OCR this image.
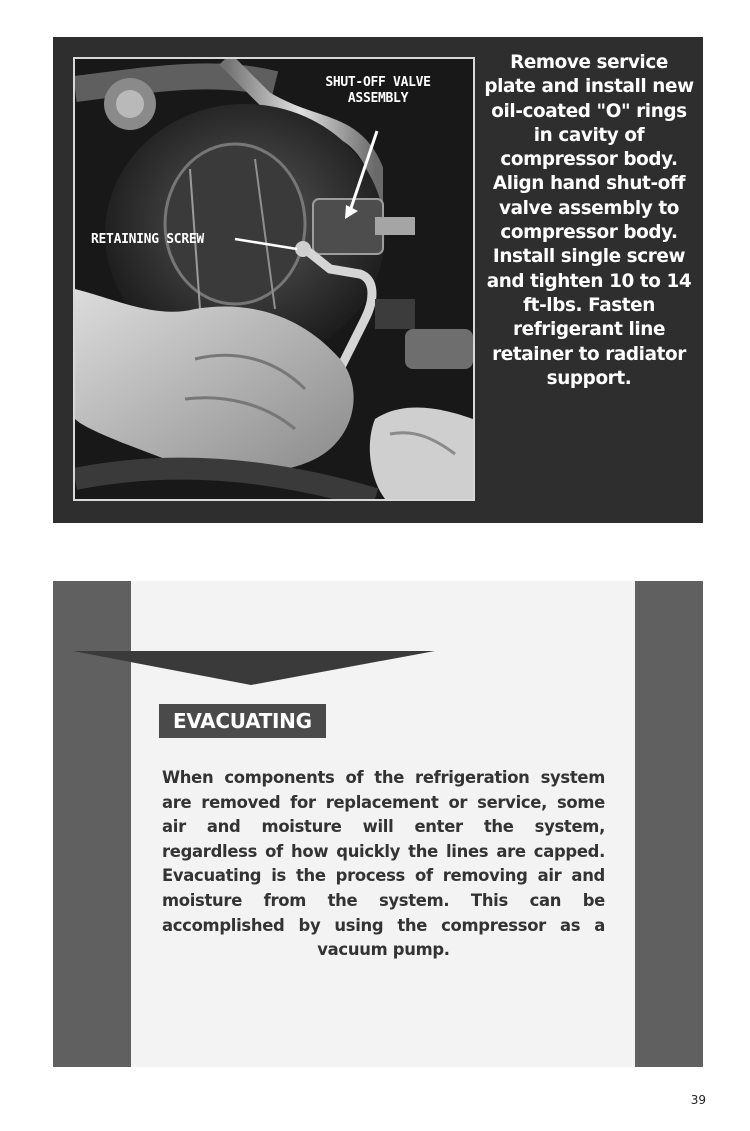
SHUT-OFF VALVE
ASSEMBLY
RETAINING SCREW
Remove service plate and install new oil-coated "O" rings in cavity of compressor body. Align hand shut-off valve assembly to compressor body. Install single screw and tighten 10 to 14 ft-lbs. Fasten refrigerant line retainer to radiator support.
EVACUATING
When components of the refrigeration system are removed for replacement or service, some air and moisture will enter the system, regardless of how quickly the lines are capped. Evacuating is the process of removing air and moisture from the system. This can be accomplished by using the compressor as a vacuum pump.
39
